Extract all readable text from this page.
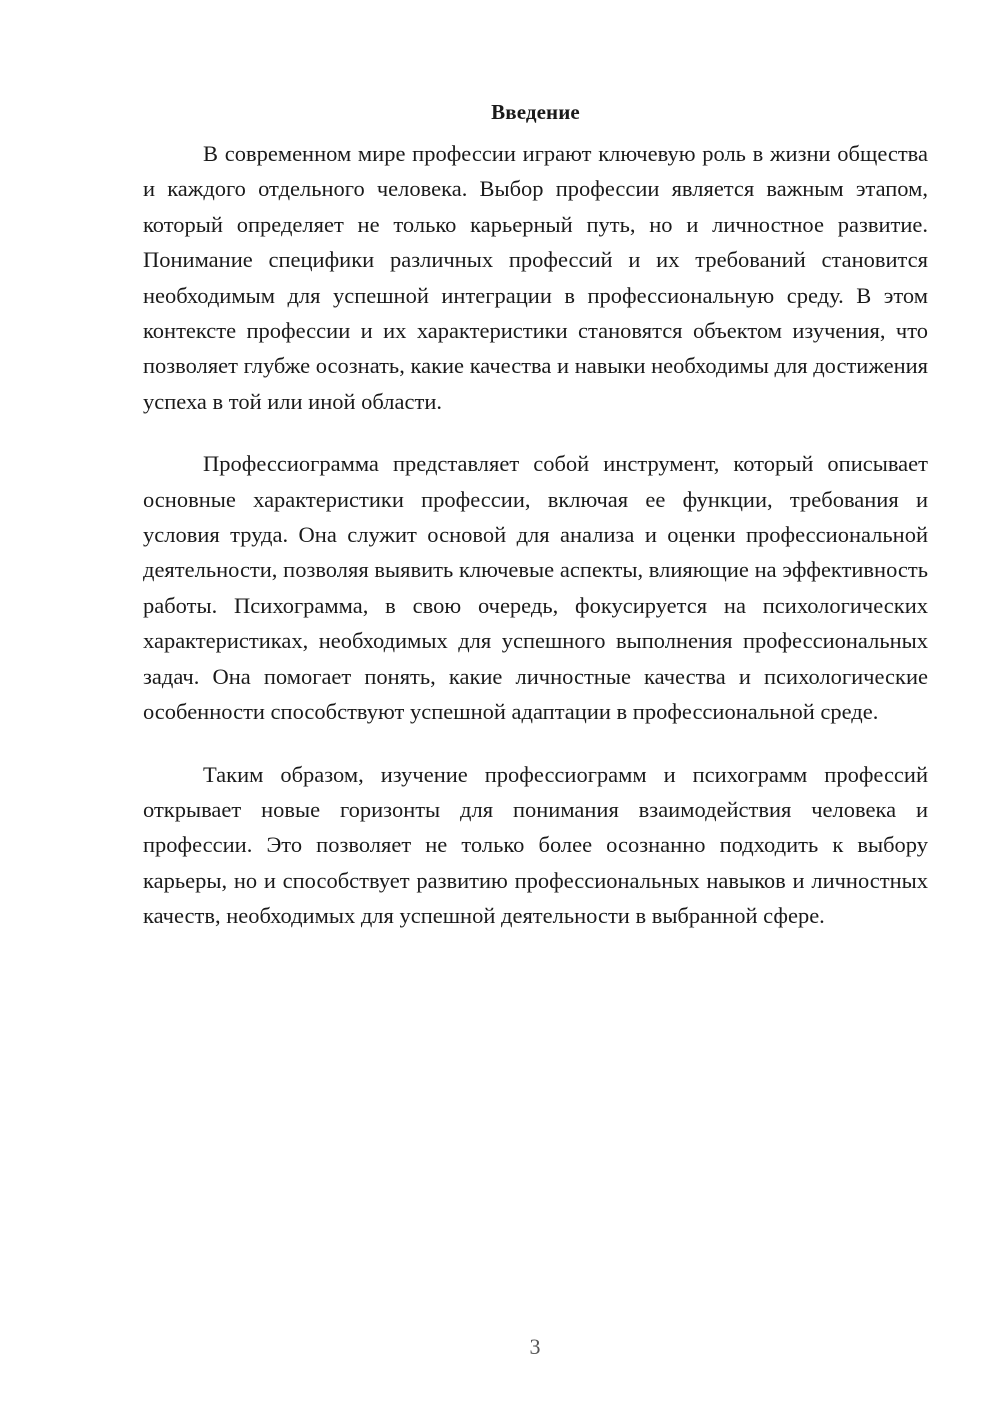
Введение

В современном мире профессии играют ключевую роль в жизни общества и каждого отдельного человека. Выбор профессии является важным этапом, который определяет не только карьерный путь, но и личностное развитие. Понимание специфики различных профессий и их требований становится необходимым для успешной интеграции в профессиональную среду. В этом контексте профессии и их характеристики становятся объектом изучения, что позволяет глубже осознать, какие качества и навыки необходимы для достижения успеха в той или иной области.

Профессиограмма представляет собой инструмент, который описывает основные характеристики профессии, включая ее функции, требования и условия труда. Она служит основой для анализа и оценки профессиональной деятельности, позволяя выявить ключевые аспекты, влияющие на эффективность работы. Психограмма, в свою очередь, фокусируется на психологических характеристиках, необходимых для успешного выполнения профессиональных задач. Она помогает понять, какие личностные качества и психологические особенности способствуют успешной адаптации в профессиональной среде.

Таким образом, изучение профессиограмм и психограмм профессий открывает новые горизонты для понимания взаимодействия человека и профессии. Это позволяет не только более осознанно подходить к выбору карьеры, но и способствует развитию профессиональных навыков и личностных качеств, необходимых для успешной деятельности в выбранной сфере.

3
